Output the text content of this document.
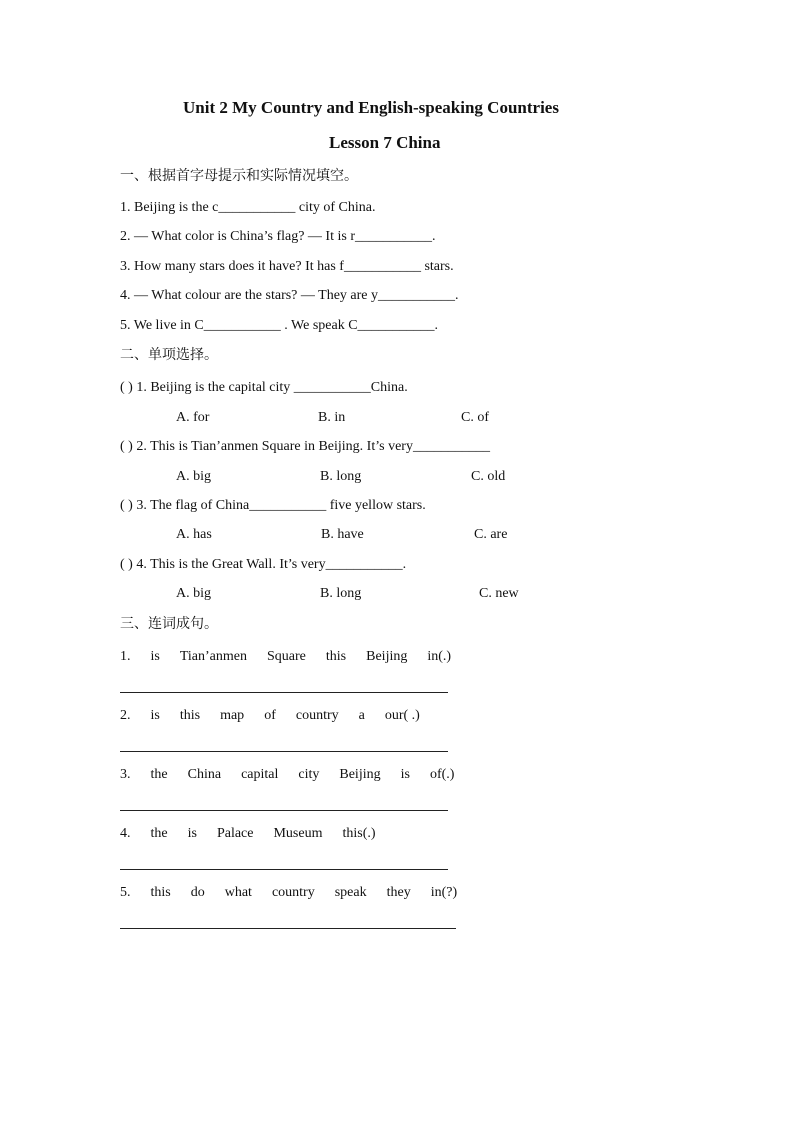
Unit 2 My Country and English-speaking Countries
Lesson 7 China
一、根据首字母提示和实际情况填空。
1. Beijing is the c___________ city of China.
2. — What color is China’s flag? — It is r___________.
3. How many stars does it have? It has f___________ stars.
4. — What colour are the stars? — They are y___________.
5. We live in C___________ . We speak C___________.
二、单项选择。
( ) 1. Beijing is the capital city ___________China.
A. for	B. in	C. of
( ) 2. This is Tian’anmen Square in Beijing. It’s very___________
A. big	B. long	C. old
( ) 3. The flag of China___________ five yellow stars.
A. has	B. have	C. are
( ) 4. This is the Great Wall. It’s very___________.
A. big	B. long	C. new
三、连词成句。
1. is Tian’anmen Square this Beijing in(.)
2. is this map of country a our( .)
3. the China capital city Beijing is of(.)
4. the is Palace Museum this(.)
5. this do what country speak they in(?)
